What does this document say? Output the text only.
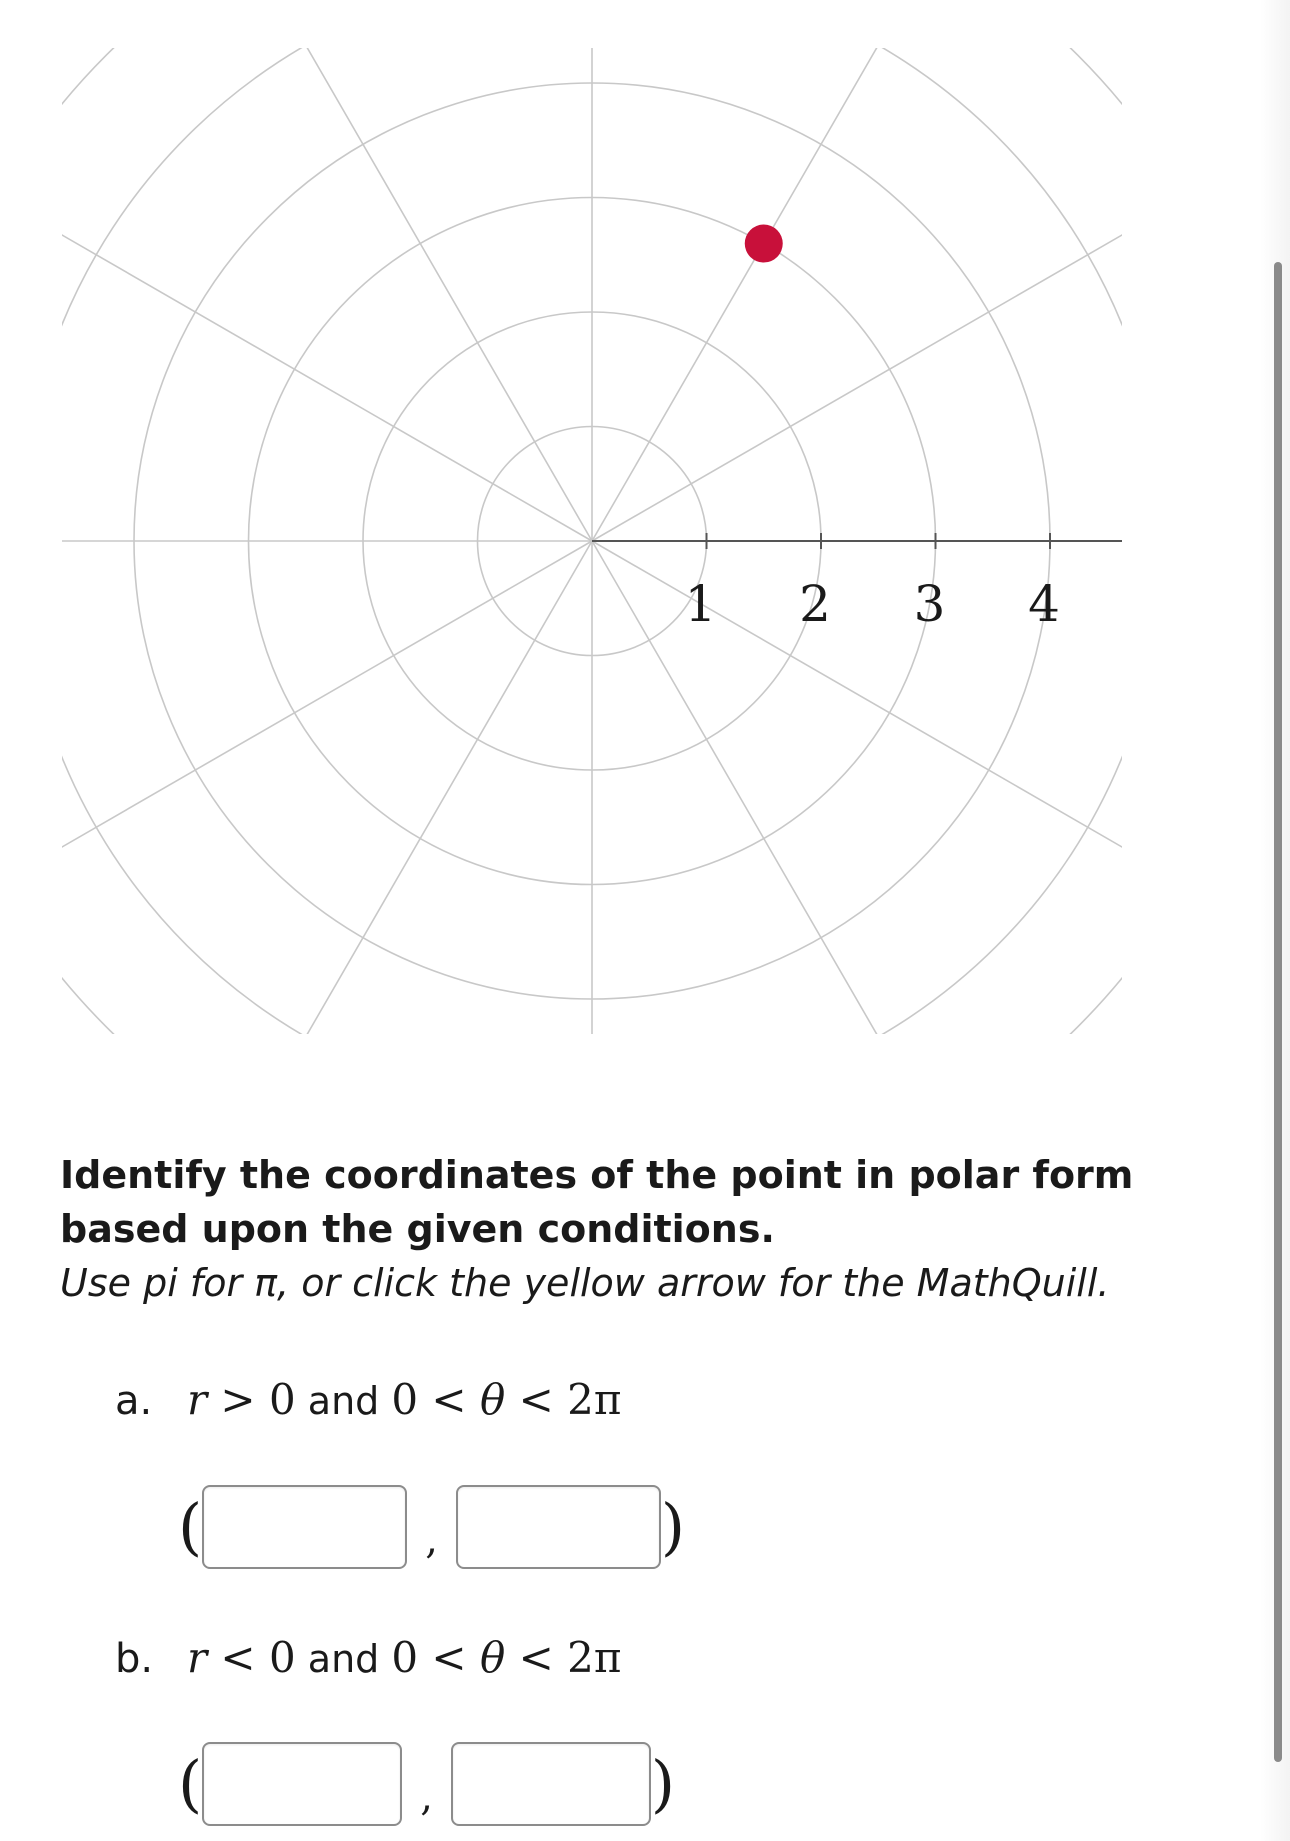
1 2 3 4
Identify the coordinates of the point in polar form based upon the given conditions.
Use pi for π, or click the yellow arrow for the MathQuill.
a. r > 0 and 0 < θ < 2π
(	,	)
b. r < 0 and 0 < θ < 2π
(	,	)
